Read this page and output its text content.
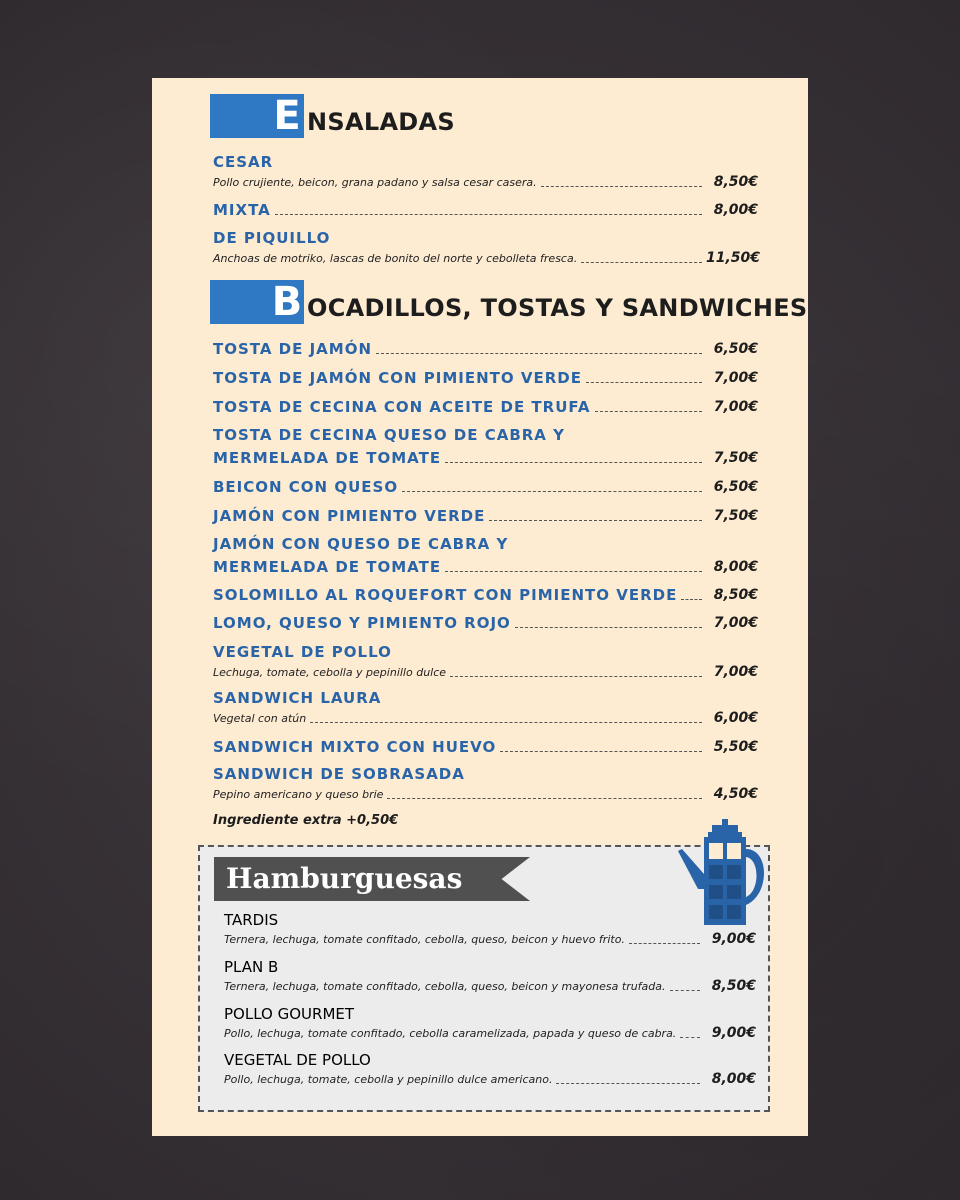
E NSALADAS
CESAR
Pollo crujiente, beicon, grana padano y salsa cesar casera.	8,50€
MIXTA	8,00€
DE PIQUILLO
Anchoas de motriko, lascas de bonito del norte y cebolleta fresca.	11,50€
B OCADILLOS, TOSTAS Y SANDWICHES
TOSTA DE JAMÓN	6,50€
TOSTA DE JAMÓN CON PIMIENTO VERDE	7,00€
TOSTA DE CECINA CON ACEITE DE TRUFA	7,00€
TOSTA DE CECINA QUESO DE CABRA Y
MERMELADA DE TOMATE	7,50€
BEICON CON QUESO	6,50€
JAMÓN CON PIMIENTO VERDE	7,50€
JAMÓN CON QUESO DE CABRA Y
MERMELADA DE TOMATE	8,00€
SOLOMILLO AL ROQUEFORT CON PIMIENTO VERDE	8,50€
LOMO, QUESO Y PIMIENTO ROJO	7,00€
VEGETAL DE POLLO
Lechuga, tomate, cebolla y pepinillo dulce	7,00€
SANDWICH LAURA
Vegetal con atún	6,00€
SANDWICH MIXTO CON HUEVO	5,50€
SANDWICH DE SOBRASADA
Pepino americano y queso brie	4,50€
Ingrediente extra +0,50€
Hamburguesas
TARDIS
Ternera, lechuga, tomate confitado, cebolla, queso, beicon y huevo frito.	9,00€
PLAN B
Ternera, lechuga, tomate confitado, cebolla, queso, beicon y mayonesa trufada.	8,50€
POLLO GOURMET
Pollo, lechuga, tomate confitado, cebolla caramelizada, papada y queso de cabra.	9,00€
VEGETAL DE POLLO
Pollo, lechuga, tomate, cebolla y pepinillo dulce americano.	8,00€
